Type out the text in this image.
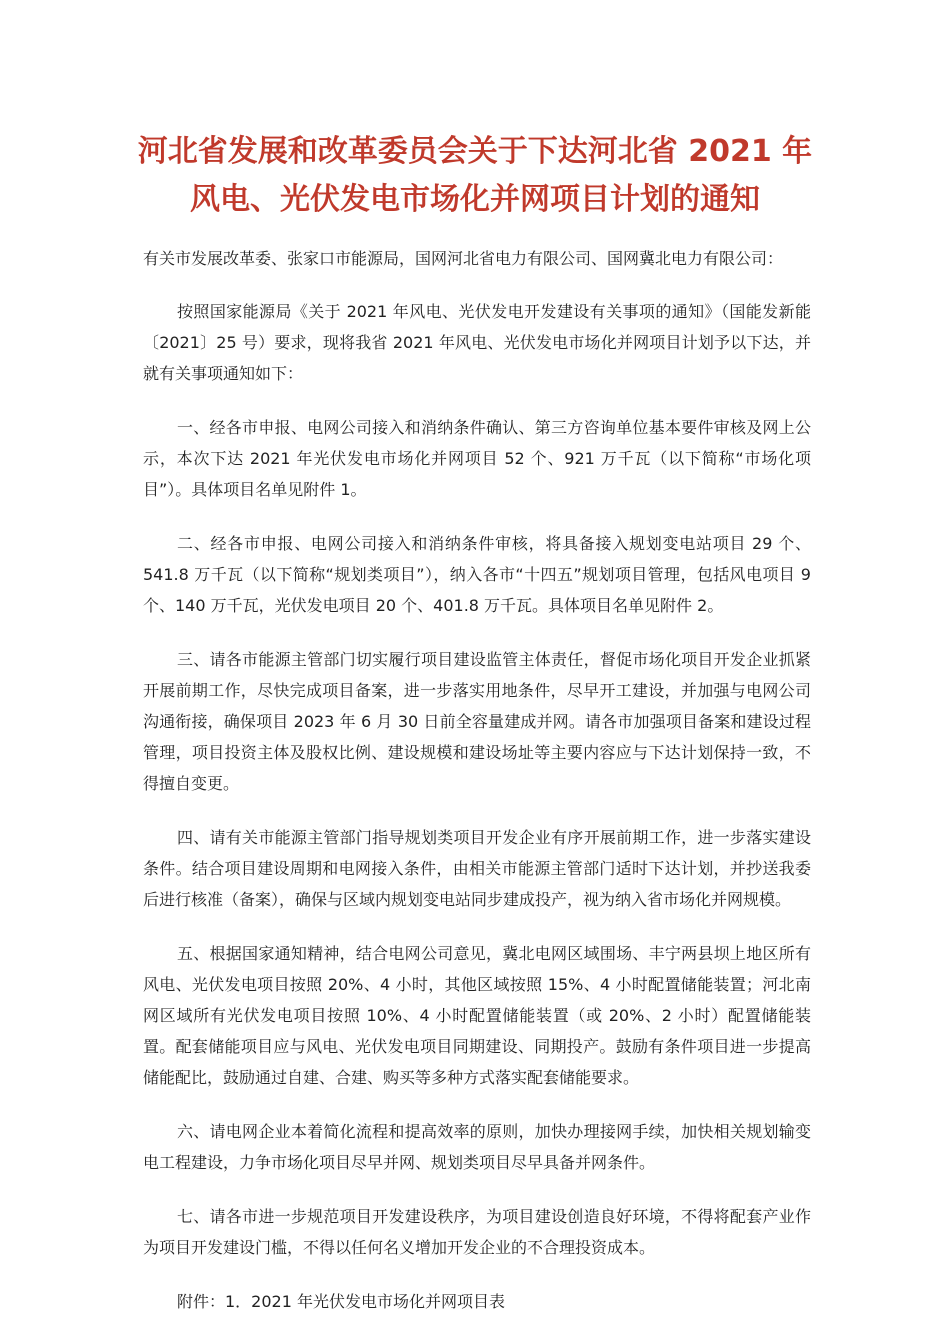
河北省发展和改革委员会关于下达河北省 2021 年
风电、光伏发电市场化并网项目计划的通知

有关市发展改革委、张家口市能源局，国网河北省电力有限公司、国网冀北电力有限公司：

按照国家能源局《关于 2021 年风电、光伏发电开发建设有关事项的通知》（国能发新能〔2021〕25 号）要求，现将我省 2021 年风电、光伏发电市场化并网项目计划予以下达，并就有关事项通知如下：

一、经各市申报、电网公司接入和消纳条件确认、第三方咨询单位基本要件审核及网上公示，本次下达 2021 年光伏发电市场化并网项目 52 个、921 万千瓦（以下简称“市场化项目”）。具体项目名单见附件 1。

二、经各市申报、电网公司接入和消纳条件审核，将具备接入规划变电站项目 29 个、541.8 万千瓦（以下简称“规划类项目”），纳入各市“十四五”规划项目管理，包括风电项目 9 个、140 万千瓦，光伏发电项目 20 个、401.8 万千瓦。具体项目名单见附件 2。

三、请各市能源主管部门切实履行项目建设监管主体责任，督促市场化项目开发企业抓紧开展前期工作，尽快完成项目备案，进一步落实用地条件，尽早开工建设，并加强与电网公司沟通衔接，确保项目 2023 年 6 月 30 日前全容量建成并网。请各市加强项目备案和建设过程管理，项目投资主体及股权比例、建设规模和建设场址等主要内容应与下达计划保持一致，不得擅自变更。

四、请有关市能源主管部门指导规划类项目开发企业有序开展前期工作，进一步落实建设条件。结合项目建设周期和电网接入条件，由相关市能源主管部门适时下达计划，并抄送我委后进行核准（备案），确保与区域内规划变电站同步建成投产，视为纳入省市场化并网规模。

五、根据国家通知精神，结合电网公司意见，冀北电网区域围场、丰宁两县坝上地区所有风电、光伏发电项目按照 20%、4 小时，其他区域按照 15%、4 小时配置储能装置；河北南网区域所有光伏发电项目按照 10%、4 小时配置储能装置（或 20%、2 小时）配置储能装置。配套储能项目应与风电、光伏发电项目同期建设、同期投产。鼓励有条件项目进一步提高储能配比，鼓励通过自建、合建、购买等多种方式落实配套储能要求。

六、请电网企业本着简化流程和提高效率的原则，加快办理接网手续，加快相关规划输变电工程建设，力争市场化项目尽早并网、规划类项目尽早具备并网条件。

七、请各市进一步规范项目开发建设秩序，为项目建设创造良好环境，不得将配套产业作为项目开发建设门槛，不得以任何名义增加开发企业的不合理投资成本。

附件：1．2021 年光伏发电市场化并网项目表
